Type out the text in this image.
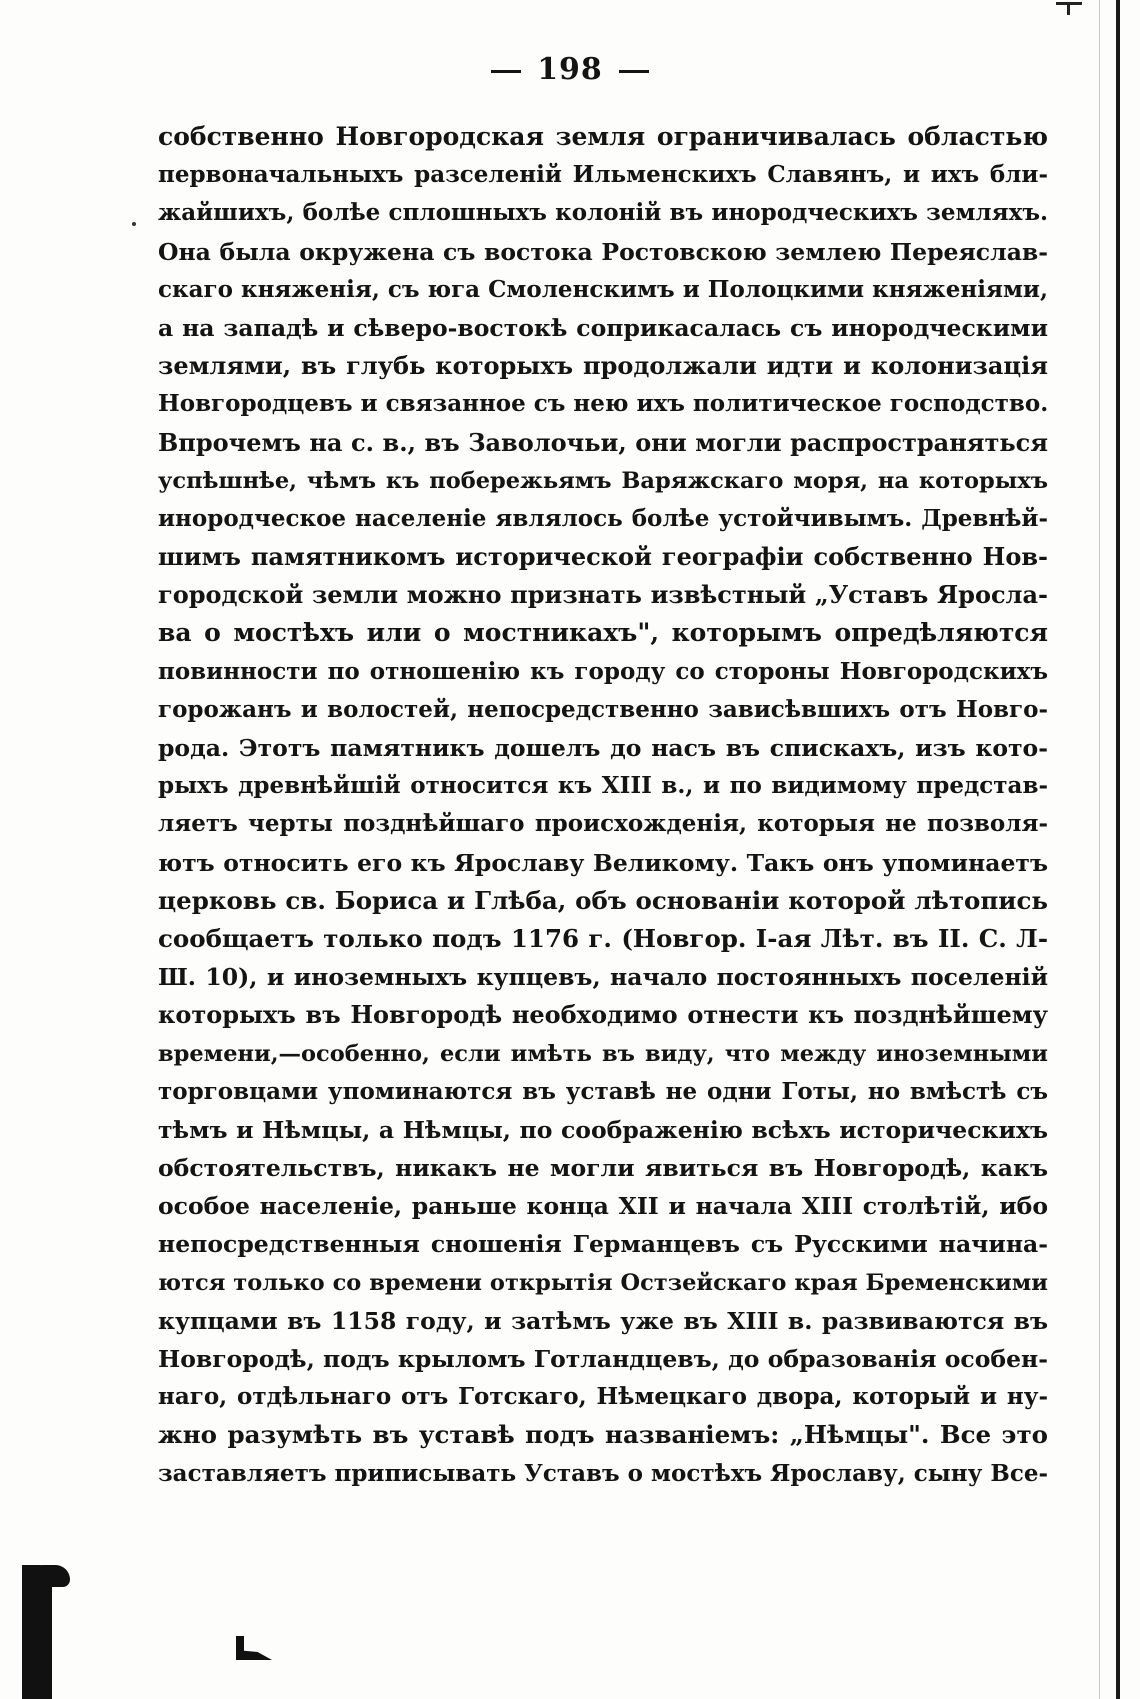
198
собственно Новгородская земля ограничивалась областью
первоначальныхъ разселеній Ильменскихъ Славянъ, и ихъ бли-
жайшихъ, болѣе сплошныхъ колоній въ инородческихъ земляхъ.
Она была окружена съ востока Ростовскою землею Переяслав-
скаго княженія, съ юга Смоленскимъ и Полоцкими княженіями,
а на западѣ и сѣверо-востокѣ соприкасалась съ инородческими
землями, въ глубь которыхъ продолжали идти и колонизація
Новгородцевъ и связанное съ нею ихъ политическое господство.
Впрочемъ на с. в., въ Заволочьи, они могли распространяться
успѣшнѣе, чѣмъ къ побережьямъ Варяжскаго моря, на которыхъ
инородческое населеніе являлось болѣе устойчивымъ. Древнѣй-
шимъ памятникомъ исторической географіи собственно Нов-
городской земли можно признать извѣстный „Уставъ Яросла-
ва о мостѣхъ или о мостникахъ", которымъ опредѣляются
повинности по отношенію къ городу со стороны Новгородскихъ
горожанъ и волостей, непосредственно зависѣвшихъ отъ Новго-
рода. Этотъ памятникъ дошелъ до насъ въ спискахъ, изъ кото-
рыхъ древнѣйшій относится къ XIII в., и по видимому представ-
ляетъ черты позднѣйшаго происхожденія, которыя не позволя-
ютъ относить его къ Ярославу Великому. Такъ онъ упоминаетъ
церковь св. Бориса и Глѣба, объ основаніи которой лѣтопись
сообщаетъ только подъ 1176 г. (Новгор. I-ая Лѣт. въ II. С. Л-
Ш. 10), и иноземныхъ купцевъ, начало постоянныхъ поселеній
которыхъ въ Новгородѣ необходимо отнести къ позднѣйшему
времени,—особенно, если имѣть въ виду, что между иноземными
торговцами упоминаются въ уставѣ не одни Готы, но вмѣстѣ съ
тѣмъ и Нѣмцы, а Нѣмцы, по соображенію всѣхъ историческихъ
обстоятельствъ, никакъ не могли явиться въ Новгородѣ, какъ
особое населеніе, раньше конца XII и начала XIII столѣтій, ибо
непосредственныя сношенія Германцевъ съ Русскими начина-
ются только со времени открытія Остзейскаго края Бременскими
купцами въ 1158 году, и затѣмъ уже въ XIII в. развиваются въ
Новгородѣ, подъ крыломъ Готландцевъ, до образованія особен-
наго, отдѣльнаго отъ Готскаго, Нѣмецкаго двора, который и ну-
жно разумѣть въ уставѣ подъ названіемъ: „Нѣмцы". Все это
заставляетъ приписывать Уставъ о мостѣхъ Ярославу, сыну Все-
